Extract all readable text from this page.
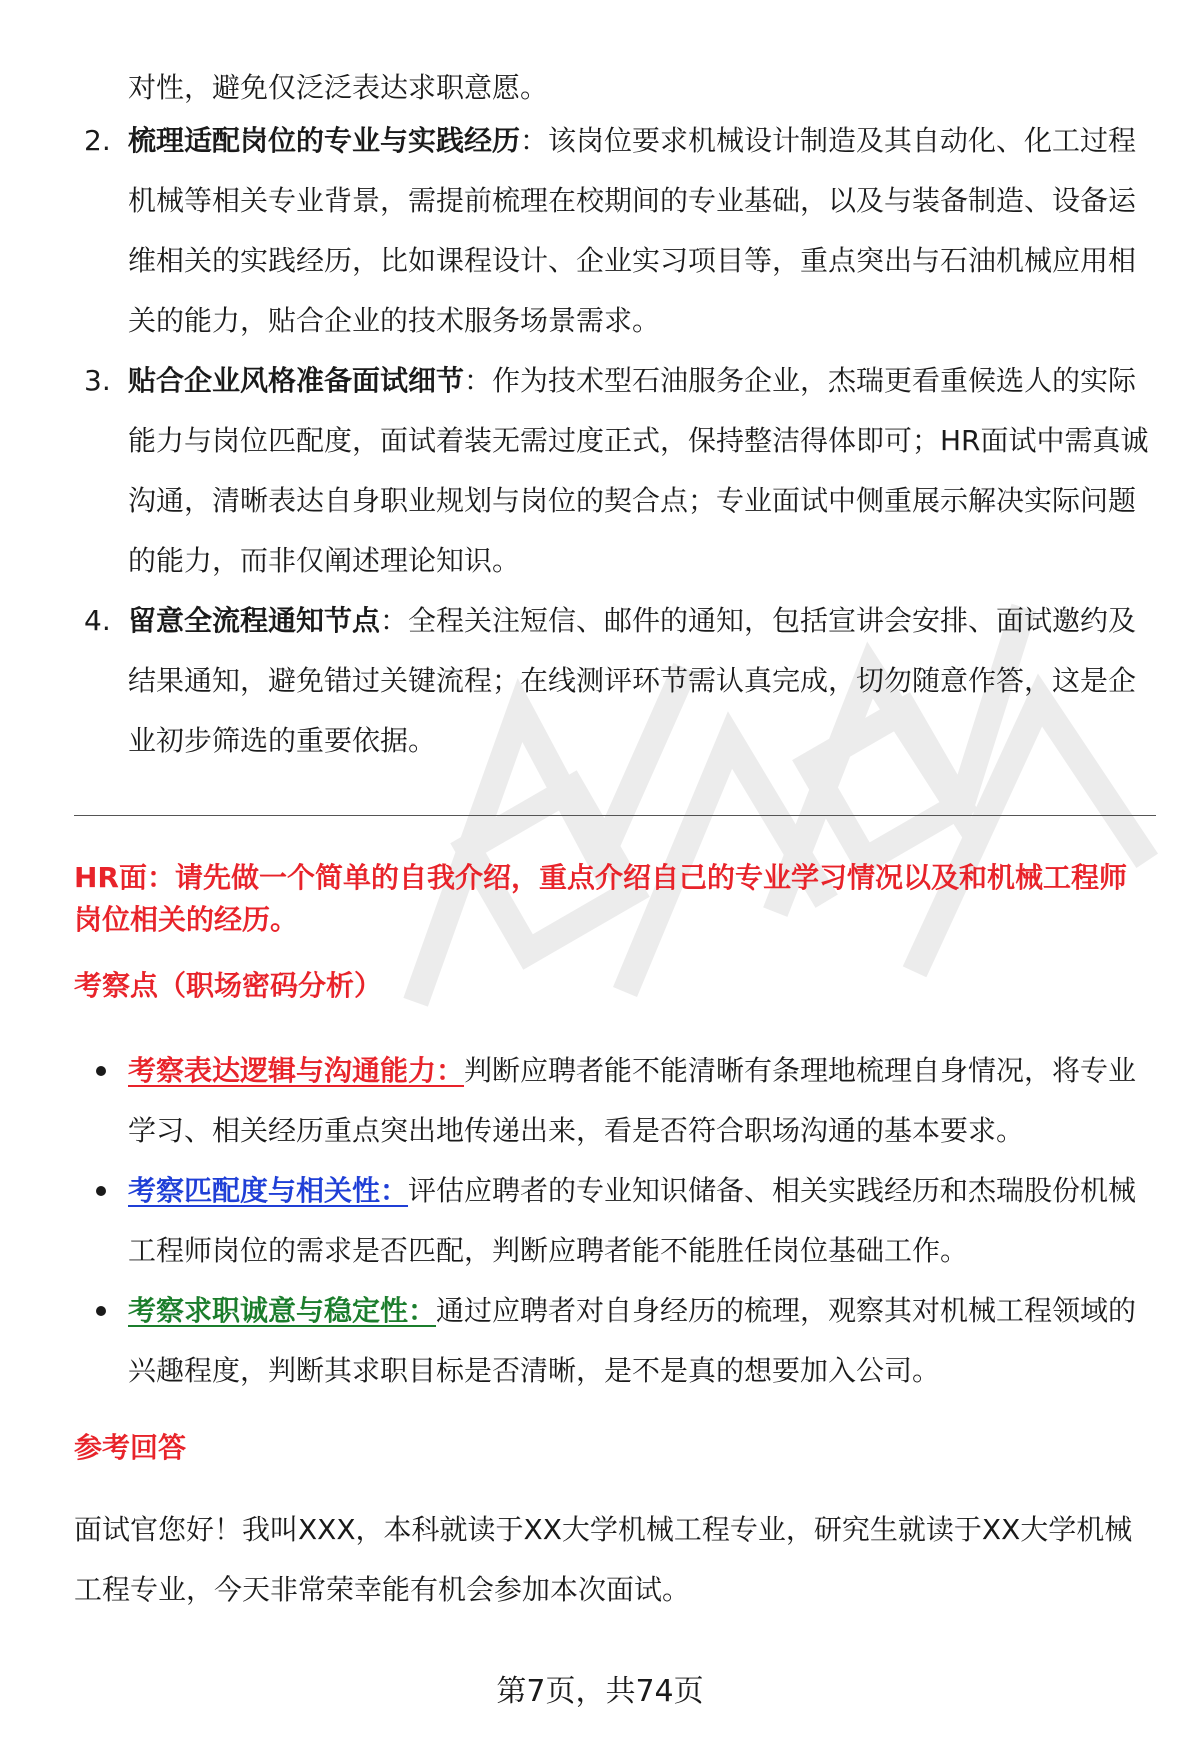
对性，避免仅泛泛表达求职意愿。
2. 梳理适配岗位的专业与实践经历：该岗位要求机械设计制造及其自动化、化工过程机械等相关专业背景，需提前梳理在校期间的专业基础，以及与装备制造、设备运维相关的实践经历，比如课程设计、企业实习项目等，重点突出与石油机械应用相关的能力，贴合企业的技术服务场景需求。
3. 贴合企业风格准备面试细节：作为技术型石油服务企业，杰瑞更看重候选人的实际能力与岗位匹配度，面试着装无需过度正式，保持整洁得体即可；HR面试中需真诚沟通，清晰表达自身职业规划与岗位的契合点；专业面试中侧重展示解决实际问题的能力，而非仅阐述理论知识。
4. 留意全流程通知节点：全程关注短信、邮件的通知，包括宣讲会安排、面试邀约及结果通知，避免错过关键流程；在线测评环节需认真完成，切勿随意作答，这是企业初步筛选的重要依据。
HR面：请先做一个简单的自我介绍，重点介绍自己的专业学习情况以及和机械工程师岗位相关的经历。
考察点（职场密码分析）
考察表达逻辑与沟通能力：判断应聘者能不能清晰有条理地梳理自身情况，将专业学习、相关经历重点突出地传递出来，看是否符合职场沟通的基本要求。
考察匹配度与相关性：评估应聘者的专业知识储备、相关实践经历和杰瑞股份机械工程师岗位的需求是否匹配，判断应聘者能不能胜任岗位基础工作。
考察求职诚意与稳定性：通过应聘者对自身经历的梳理，观察其对机械工程领域的兴趣程度，判断其求职目标是否清晰，是不是真的想要加入公司。
参考回答
面试官您好！我叫XXX，本科就读于XX大学机械工程专业，研究生就读于XX大学机械工程专业，今天非常荣幸能有机会参加本次面试。
第7页，共74页
